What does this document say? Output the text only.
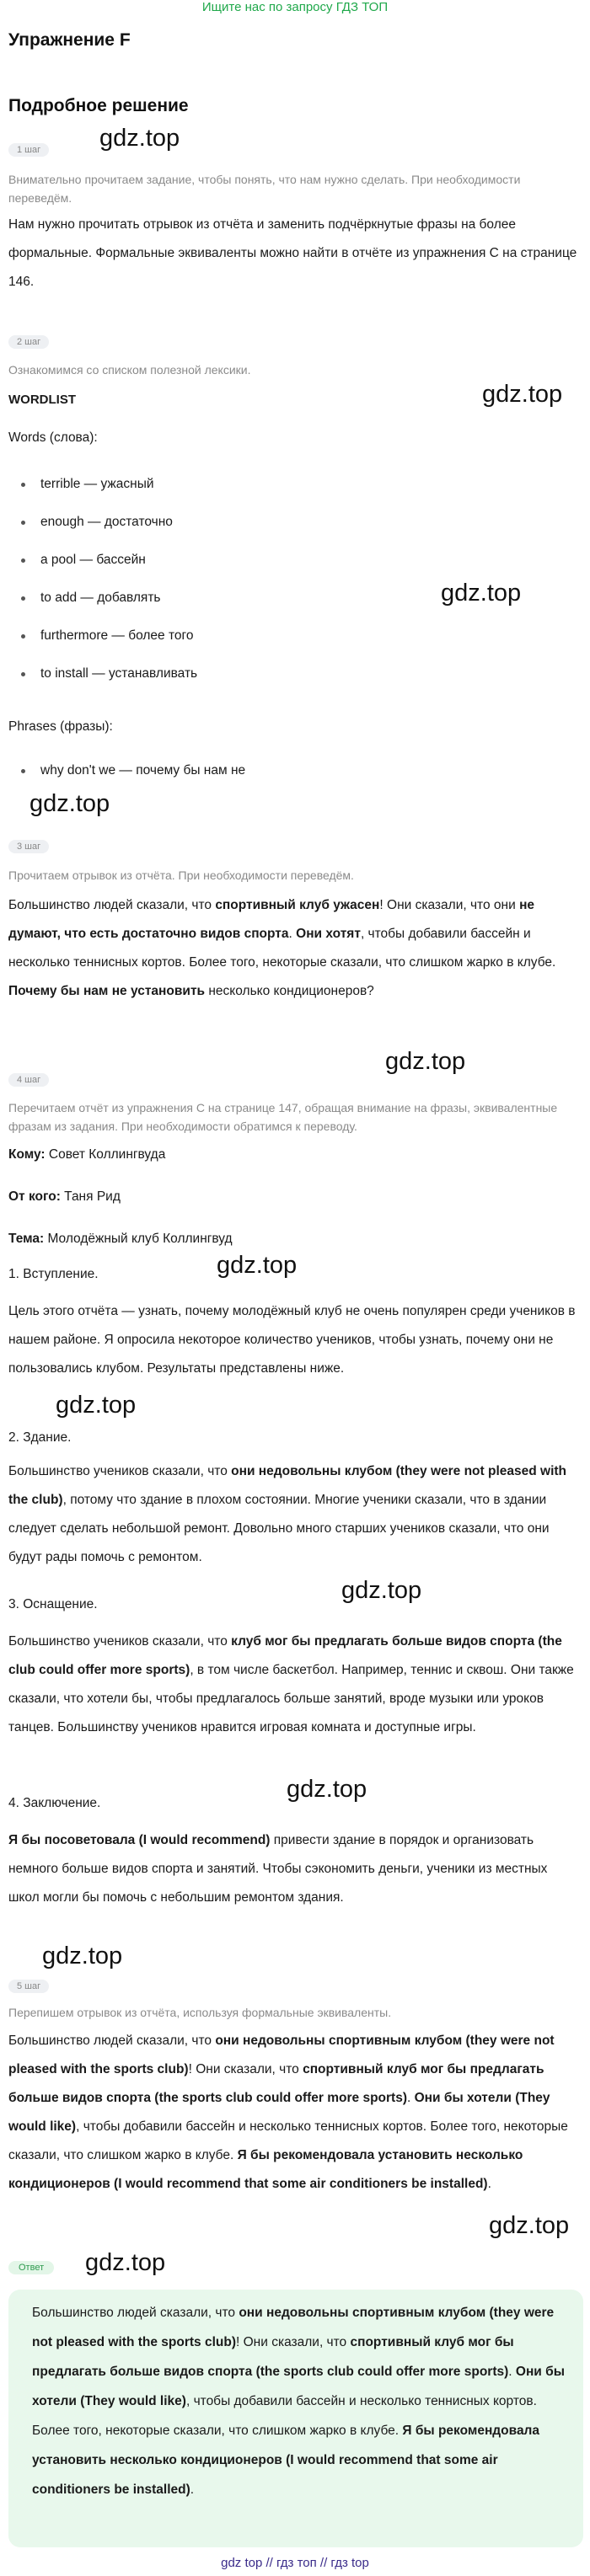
Ищите нас по запросу ГДЗ ТОП
Упражнение F
Подробное решение
1 шаг	gdz.top
Внимательно прочитаем задание, чтобы понять, что нам нужно сделать. При необходимости переведём.
Нам нужно прочитать отрывок из отчёта и заменить подчёркнутые фразы на более формальные. Формальные эквиваленты можно найти в отчёте из упражнения С на странице 146.
2 шаг
Ознакомимся со списком полезной лексики.
gdz.top
WORDLIST
Words (слова):
terrible — ужасный
enough — достаточно
a pool — бассейн
to add — добавлять
furthermore — более того
to install — устанавливать
gdz.top
Phrases (фразы):
why don't we — почему бы нам не
gdz.top
3 шаг
Прочитаем отрывок из отчёта. При необходимости переведём.
Большинство людей сказали, что спортивный клуб ужасен! Они сказали, что они не думают, что есть достаточно видов спорта. Они хотят, чтобы добавили бассейн и несколько теннисных кортов. Более того, некоторые сказали, что слишком жарко в клубе. Почему бы нам не установить несколько кондиционеров?
gdz.top
4 шаг
Перечитаем отчёт из упражнения С на странице 147, обращая внимание на фразы, эквивалентные фразам из задания. При необходимости обратимся к переводу.
Кому: Совет Коллингвуда
От кого: Таня Рид
Тема: Молодёжный клуб Коллингвуд
gdz.top
1. Вступление.
Цель этого отчёта — узнать, почему молодёжный клуб не очень популярен среди учеников в нашем районе. Я опросила некоторое количество учеников, чтобы узнать, почему они не пользовались клубом. Результаты представлены ниже.
gdz.top
2. Здание.
Большинство учеников сказали, что они недовольны клубом (they were not pleased with the club), потому что здание в плохом состоянии. Многие ученики сказали, что в здании следует сделать небольшой ремонт. Довольно много старших учеников сказали, что они будут рады помочь с ремонтом.
gdz.top
3. Оснащение.
Большинство учеников сказали, что клуб мог бы предлагать больше видов спорта (the club could offer more sports), в том числе баскетбол. Например, теннис и сквош. Они также сказали, что хотели бы, чтобы предлагалось больше занятий, вроде музыки или уроков танцев. Большинству учеников нравится игровая комната и доступные игры.
gdz.top
4. Заключение.
Я бы посоветовала (I would recommend) привести здание в порядок и организовать немного больше видов спорта и занятий. Чтобы сэкономить деньги, ученики из местных школ могли бы помочь с небольшим ремонтом здания.
gdz.top
5 шаг
Перепишем отрывок из отчёта, используя формальные эквиваленты.
Большинство людей сказали, что они недовольны спортивным клубом (they were not pleased with the sports club)! Они сказали, что спортивный клуб мог бы предлагать больше видов спорта (the sports club could offer more sports). Они бы хотели (They would like), чтобы добавили бассейн и несколько теннисных кортов. Более того, некоторые сказали, что слишком жарко в клубе. Я бы рекомендовала установить несколько кондиционеров (I would recommend that some air conditioners be installed).
gdz.top
Ответ	gdz.top
Большинство людей сказали, что они недовольны спортивным клубом (they were not pleased with the sports club)! Они сказали, что спортивный клуб мог бы предлагать больше видов спорта (the sports club could offer more sports). Они бы хотели (They would like), чтобы добавили бассейн и несколько теннисных кортов. Более того, некоторые сказали, что слишком жарко в клубе. Я бы рекомендовала установить несколько кондиционеров (I would recommend that some air conditioners be installed).
gdz top // гдз топ // гдз top
